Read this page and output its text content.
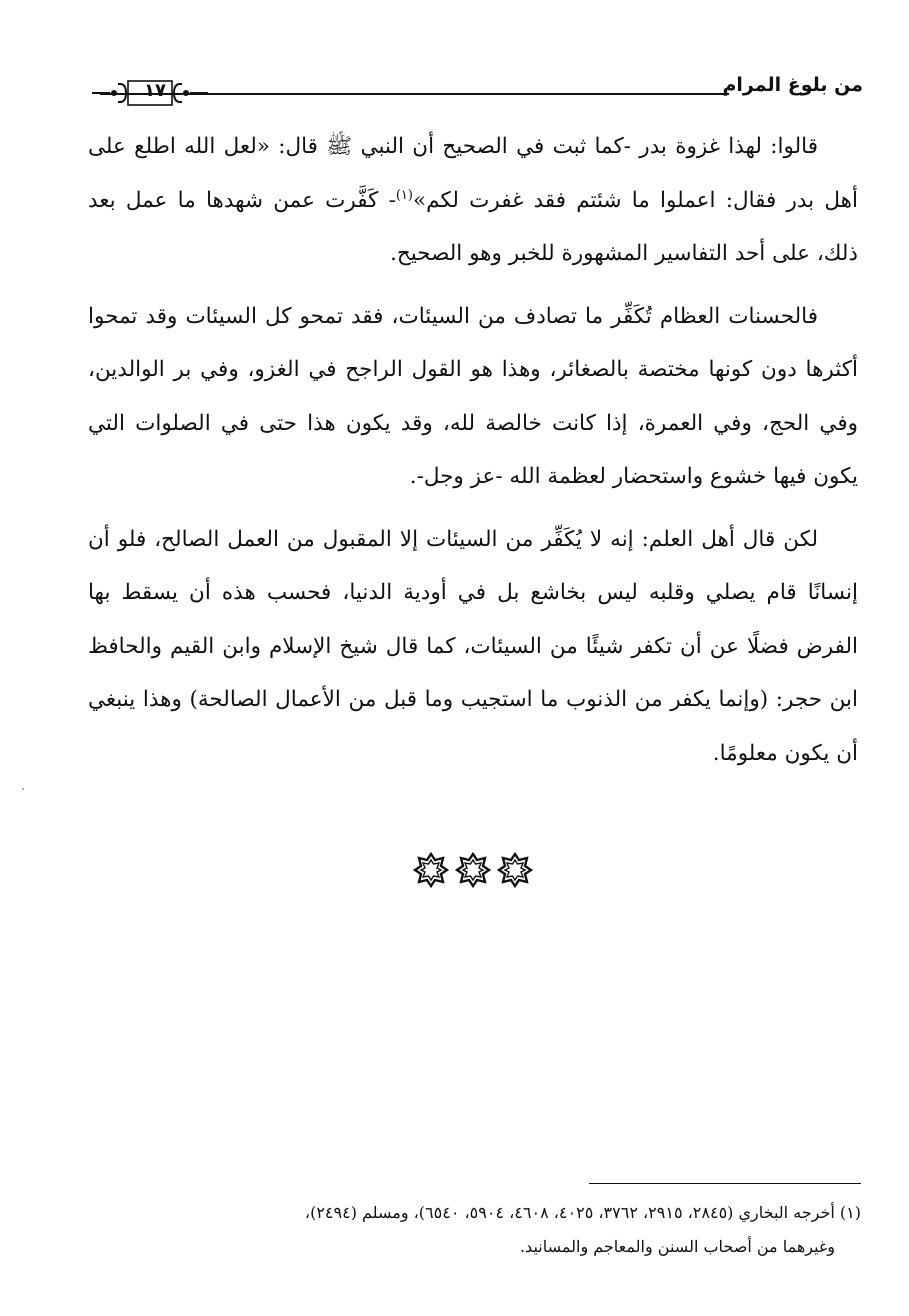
من بلوغ المرام
١٧

قالوا: لهذا غزوة بدر -كما ثبت في الصحيح أن النبي ﷺ قال: «لعل الله اطلع على أهل بدر فقال: اعملوا ما شئتم فقد غفرت لكم»$^{(١)}$- كَفَّرت عمن شهدها ما عمل بعد ذلك، على أحد التفاسير المشهورة للخبر وهو الصحيح.

فالحسنات العظام تُكَفِّر ما تصادف من السيئات، فقد تمحو كل السيئات وقد تمحوا أكثرها دون كونها مختصة بالصغائر، وهذا هو القول الراجح في الغزو، وفي بر الوالدين، وفي الحج، وفي العمرة، إذا كانت خالصة لله، وقد يكون هذا حتى في الصلوات التي يكون فيها خشوع واستحضار لعظمة الله -عز وجل-.

لكن قال أهل العلم: إنه لا يُكَفِّر من السيئات إلا المقبول من العمل الصالح، فلو أن إنسانًا قام يصلي وقلبه ليس بخاشع بل في أودية الدنيا، فحسب هذه أن يسقط بها الفرض فضلًا عن أن تكفر شيئًا من السيئات، كما قال شيخ الإسلام وابن القيم والحافظ ابن حجر: (وإنما يكفر من الذنوب ما استجيب وما قبل من الأعمال الصالحة) وهذا ينبغي أن يكون معلومًا.

(١) أخرجه البخاري (٢٨٤٥، ٢٩١٥، ٣٧٦٢، ٤٠٢٥، ٤٦٠٨، ٥٩٠٤، ٦٥٤٠)، ومسلم (٢٤٩٤)،

وغيرهما من أصحاب السنن والمعاجم والمسانيد.
